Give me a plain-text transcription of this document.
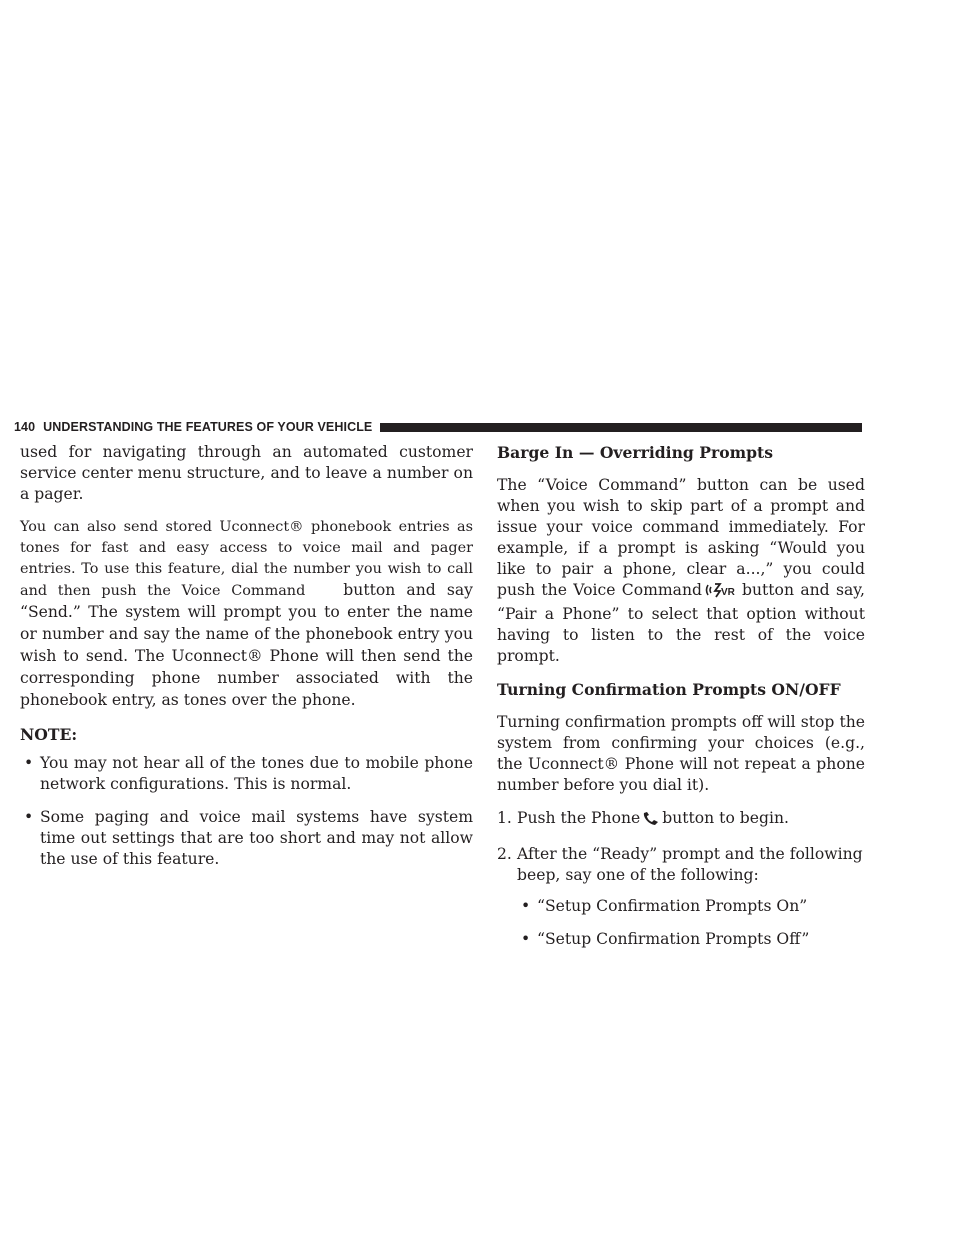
140 UNDERSTANDING THE FEATURES OF YOUR VEHICLE

used for navigating through an automated customer service center menu structure, and to leave a number on a pager.

You can also send stored Uconnect® phonebook entries as tones for fast and easy access to voice mail and pager entries. To use this feature, dial the number you wish to call and then push the Voice Command button and say “Send.” The system will prompt you to enter the name or number and say the name of the phonebook entry you wish to send. The Uconnect® Phone will then send the corresponding phone number associated with the phonebook entry, as tones over the phone.

NOTE:

• You may not hear all of the tones due to mobile phone network configurations. This is normal.
• Some paging and voice mail systems have system time out settings that are too short and may not allow the use of this feature.
Barge In — Overriding Prompts

The “Voice Command” button can be used when you wish to skip part of a prompt and issue your voice command immediately. For example, if a prompt is asking “Would you like to pair a phone, clear a...,” you could push the Voice Command VR button and say, “Pair a Phone” to select that option without having to listen to the rest of the voice prompt.

Turning Confirmation Prompts ON/OFF

Turning confirmation prompts off will stop the system from confirming your choices (e.g., the Uconnect® Phone will not repeat a phone number before you dial it).

1. Push the Phone button to begin.
2. After the “Ready” prompt and the following beep, say one of the following:
• “Setup Confirmation Prompts On”
• “Setup Confirmation Prompts Off”
